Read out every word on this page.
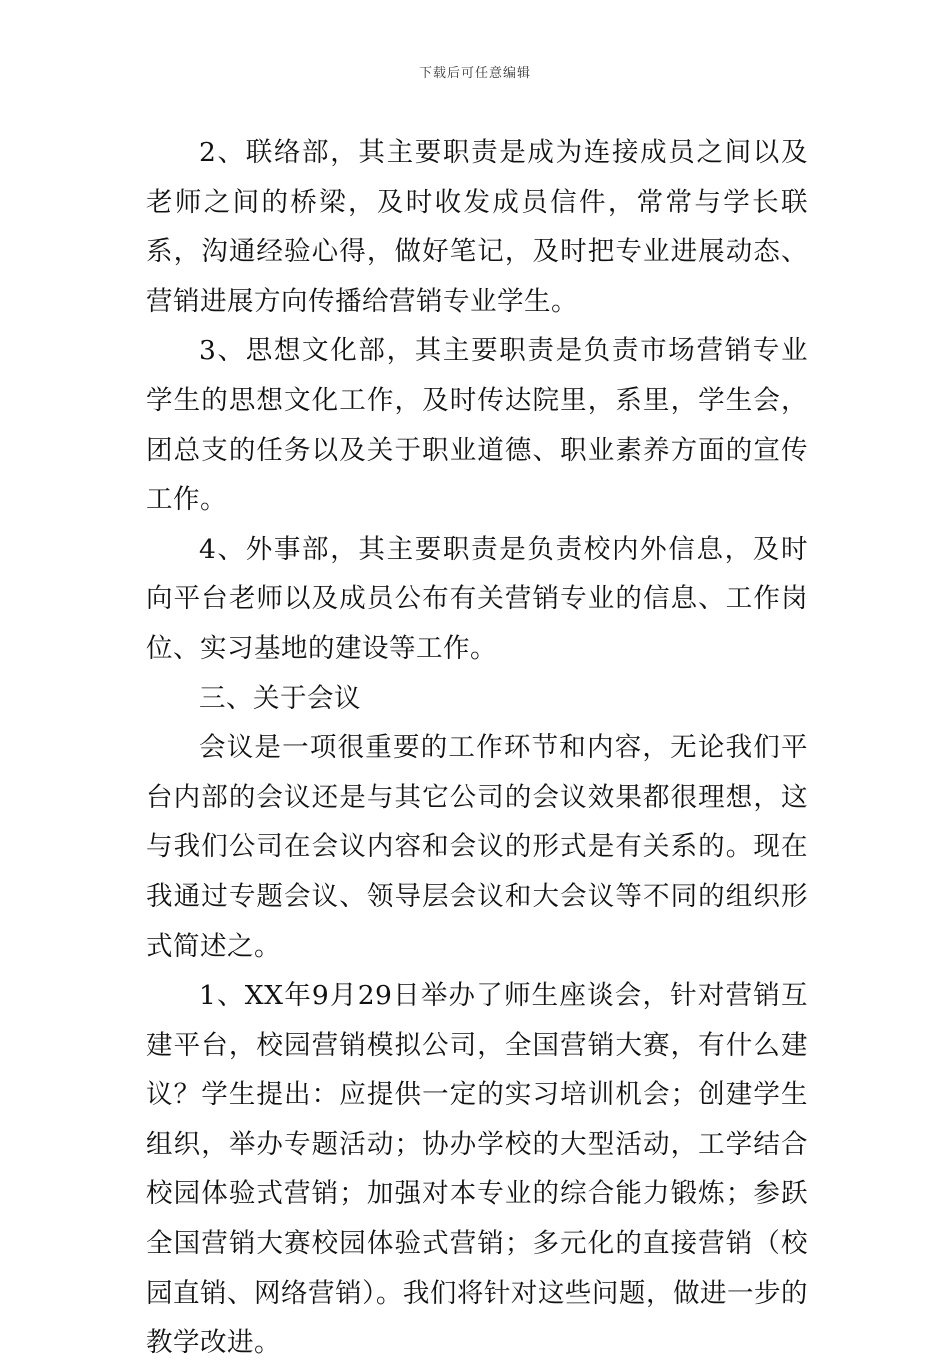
下载后可任意编辑

2、联络部，其主要职责是成为连接成员之间以及老师之间的桥梁，及时收发成员信件，常常与学长联系，沟通经验心得，做好笔记，及时把专业进展动态、营销进展方向传播给营销专业学生。

3、思想文化部，其主要职责是负责市场营销专业学生的思想文化工作，及时传达院里，系里，学生会，团总支的任务以及关于职业道德、职业素养方面的宣传工作。

4、外事部，其主要职责是负责校内外信息，及时向平台老师以及成员公布有关营销专业的信息、工作岗位、实习基地的建设等工作。

三、关于会议

会议是一项很重要的工作环节和内容，无论我们平台内部的会议还是与其它公司的会议效果都很理想，这与我们公司在会议内容和会议的形式是有关系的。现在我通过专题会议、领导层会议和大会议等不同的组织形式简述之。

1、XX年9月29日举办了师生座谈会，针对营销互建平台，校园营销模拟公司，全国营销大赛，有什么建议？学生提出：应提供一定的实习培训机会；创建学生组织，举办专题活动；协办学校的大型活动，工学结合校园体验式营销；加强对本专业的综合能力锻炼；参跃全国营销大赛校园体验式营销；多元化的直接营销（校园直销、网络营销）。我们将针对这些问题，做进一步的教学改进。
